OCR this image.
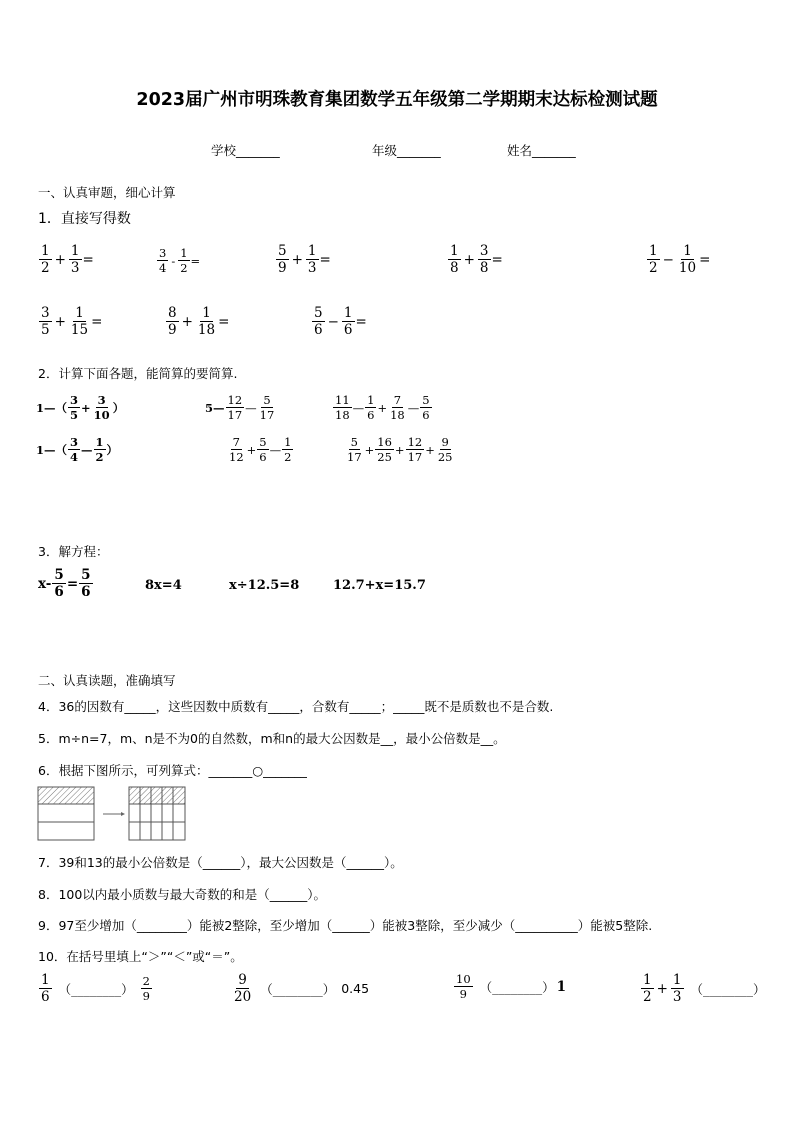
2023届广州市明珠教育集团数学五年级第二学期期末达标检测试题
学校_______	年级_______	姓名_______
一、认真审题，细心计算
1．直接写得数
$\frac{1}{2} + \frac{1}{3}$ =	$\frac{3}{4} - \frac{1}{2}$ =	$\frac{5}{9} + \frac{1}{3}$ =	$\frac{1}{8} + \frac{3}{8}$ =	$\frac{1}{2} - \frac{1}{10}$ =
$\frac{3}{5} + \frac{1}{15}$ =	$\frac{8}{9} + \frac{1}{18}$ =	$\frac{5}{6} - \frac{1}{6}$ =
2．计算下面各题，能简算的要简算.
1—（ $\frac{3}{5} + \frac{3}{10}$ ）	5— $\frac{12}{17}$ — $\frac{5}{17}$	$\frac{11}{18}$ — $\frac{1}{6} + \frac{7}{18}$ — $\frac{5}{6}$
1—（ $\frac{3}{4}$ — $\frac{1}{2}$ ）	$\frac{7}{12} + \frac{5}{6}$ — $\frac{1}{2}$	$\frac{5}{17} + \frac{16}{25} + \frac{12}{17} + \frac{9}{25}$
3．解方程：
$x- \frac{5}{6} = \frac{5}{6}$	8x=4	x÷12.5=8	12.7+x=15.7
二、认真读题，准确填写
4．36的因数有_____，这些因数中质数有_____，合数有_____；_____既不是质数也不是合数.
5．m÷n=7，m、n是不为0的自然数，m和n的最大公因数是__，最小公倍数是__。
6．根据下图所示，可列算式：_______○_______
7．39和13的最小公倍数是（______），最大公因数是（______）。
8．100以内最小质数与最大奇数的和是（______）。
9．97至少增加（________）能被2整除，至少增加（______）能被3整除，至少减少（__________）能被5整除.
10．在括号里填上“＞”“＜”或“＝”。
$\frac{1}{6}$ （________） $\frac{2}{9}$	$\frac{9}{20}$ （________） 0.45	$\frac{10}{9}$ （________） 1	$\frac{1}{2} + \frac{1}{3}$ （________）
